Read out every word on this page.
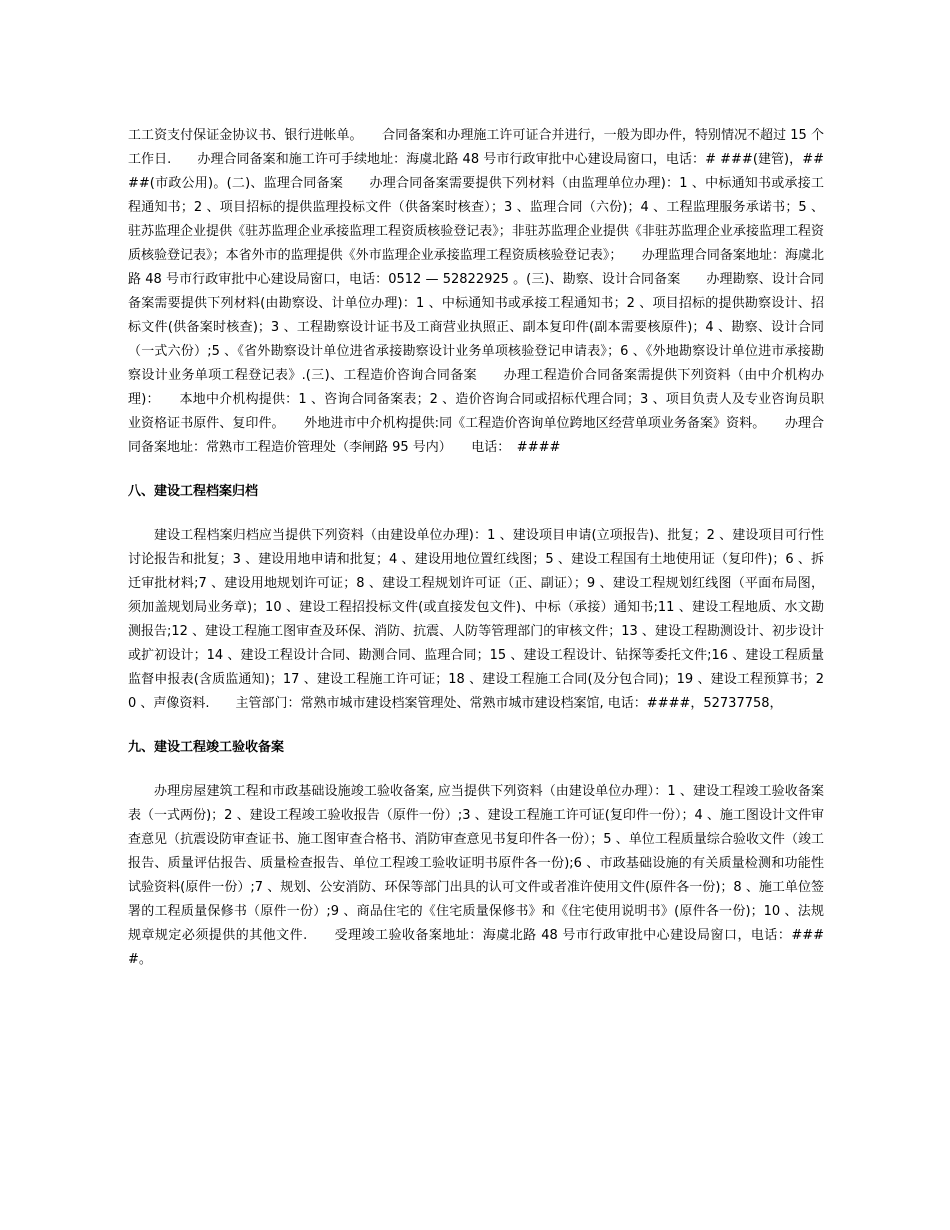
工工资支付保证金协议书、银行进帐单。　　合同备案和办理施工许可证合并进行，一般为即办件，特别情况不超过 15 个工作日.　　办理合同备案和施工许可手续地址：海虞北路 48 号市行政审批中心建设局窗口，电话：# ###(建管)，####(市政公用)。(二)、监理合同备案　　办理合同备案需要提供下列材料（由监理单位办理)：1 、中标通知书或承接工程通知书；2 、项目招标的提供监理投标文件（供备案时核查）；3 、监理合同（六份)；4 、工程监理服务承诺书；5 、驻苏监理企业提供《驻苏监理企业承接监理工程资质核验登记表》；非驻苏监理企业提供《非驻苏监理企业承接监理工程资质核验登记表》；本省外市的监理提供《外市监理企业承接监理工程资质核验登记表》；　　办理监理合同备案地址：海虞北路 48 号市行政审批中心建设局窗口，电话：0512 — 52822925 。(三)、勘察、设计合同备案　　办理勘察、设计合同备案需要提供下列材料(由勘察设、计单位办理)：1 、中标通知书或承接工程通知书；2 、项目招标的提供勘察设计、招标文件(供备案时核查)；3 、工程勘察设计证书及工商营业执照正、副本复印件(副本需要核原件)；4 、勘察、设计合同（一式六份）;5 、《省外勘察设计单位进省承接勘察设计业务单项核验登记申请表》；6 、《外地勘察设计单位进市承接勘察设计业务单项工程登记表》.(三)、工程造价咨询合同备案　　办理工程造价合同备案需提供下列资料（由中介机构办理)：　　本地中介机构提供：1 、咨询合同备案表；2 、造价咨询合同或招标代理合同；3 、项目负责人及专业咨询员职业资格证书原件、复印件。　　外地进市中介机构提供:同《工程造价咨询单位跨地区经营单项业务备案》资料。　　办理合同备案地址：常熟市工程造价管理处（李闸路 95 号内）　　电话：　####

八、建设工程档案归档

建设工程档案归档应当提供下列资料（由建设单位办理)：1 、建设项目申请(立项报告)、批复；2 、建设项目可行性讨论报告和批复；3 、建设用地申请和批复；4 、建设用地位置红线图；5 、建设工程国有土地使用证（复印件)；6 、拆迁审批材料;7 、建设用地规划许可证；8 、建设工程规划许可证（正、副证）；9 、建设工程规划红线图（平面布局图，须加盖规划局业务章)；10 、建设工程招投标文件(或直接发包文件)、中标（承接）通知书;11 、建设工程地质、水文勘测报告;12 、建设工程施工图审查及环保、消防、抗震、人防等管理部门的审核文件；13 、建设工程勘测设计、初步设计或扩初设计；14 、建设工程设计合同、勘测合同、监理合同；15 、建设工程设计、钻探等委托文件;16 、建设工程质量监督申报表(含质监通知)；17 、建设工程施工许可证；18 、建设工程施工合同(及分包合同)；19 、建设工程预算书；20 、声像资料.　　主管部门：常熟市城市建设档案管理处、常熟市城市建设档案馆, 电话：####，52737758，

九、建设工程竣工验收备案

办理房屋建筑工程和市政基础设施竣工验收备案, 应当提供下列资料（由建设单位办理）：1 、建设工程竣工验收备案表（一式两份)；2 、建设工程竣工验收报告（原件一份）;3 、建设工程施工许可证(复印件一份）；4 、施工图设计文件审查意见（抗震设防审查证书、施工图审查合格书、消防审查意见书复印件各一份）；5 、单位工程质量综合验收文件（竣工报告、质量评估报告、质量检查报告、单位工程竣工验收证明书原件各一份);6 、市政基础设施的有关质量检测和功能性试验资料(原件一份）;7 、规划、公安消防、环保等部门出具的认可文件或者准许使用文件(原件各一份)；8 、施工单位签署的工程质量保修书（原件一份）;9 、商品住宅的《住宅质量保修书》和《住宅使用说明书》(原件各一份)；10 、法规规章规定必须提供的其他文件.　　受理竣工验收备案地址：海虞北路 48 号市行政审批中心建设局窗口，电话：####。
